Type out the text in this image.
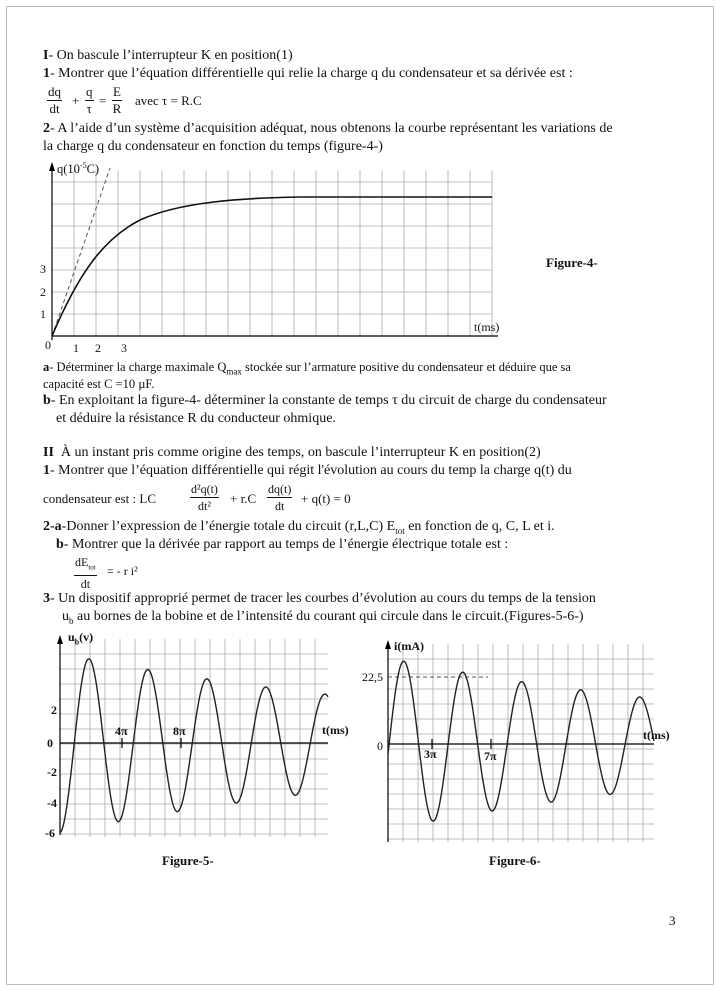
I- On bascule l’interrupteur K en position(1)
1- Montrer que l’équation différentielle qui relie la charge q du condensateur et sa dérivée est :
$\frac{dq}{dt} + \frac{q}{\tau} = \frac{E}{R}$ avec τ = R.C
2- A l’aide d’un système d’acquisition adéquat, nous obtenons la courbe représentant les variations de
la charge q du condensateur en fonction du temps (figure-4-)
$q(10^{-5}C)$
1
2
3
0 1 2 3
t(ms)
Figure-4-
a- Déterminer la charge maximale $Q_{max}$ stockée sur l’armature positive du condensateur et déduire que sa
capacité est C =10 µF.
b- En exploitant la figure-4- déterminer la constante de temps τ du circuit de charge du condensateur
et déduire la résistance R du conducteur ohmique.
II À un instant pris comme origine des temps, on bascule l’interrupteur K en position(2)
1- Montrer que l’équation différentielle qui régit l'évolution au cours du temp la charge q(t) du
condensateur est : LC	$\frac{\text{d²q(t)}}{\text{dt²}} + r.C \frac{dq(t)}{dt} + q(t) = 0$
2-a-Donner l’expression de l’énergie totale du circuit (r,L,C) $E_{tot}$ en fonction de q, C, L et i.
b- Montrer que la dérivée par rapport au temps de l’énergie électrique totale est :
$dE_{tot}$
dt
= - r i²
3- Un dispositif approprié permet de tracer les courbes d’évolution au cours du temps de la tension
$u_b$ au bornes de la bobine et de l’intensité du courant qui circule dans le circuit.(Figures-5-6-)
$u_b(v)$
2
0
-2
-4
-6
4π	8π	t(ms)
Figure-5-
i(mA)
22,5
0
3π	7π
t(ms)
Figure-6-
3
